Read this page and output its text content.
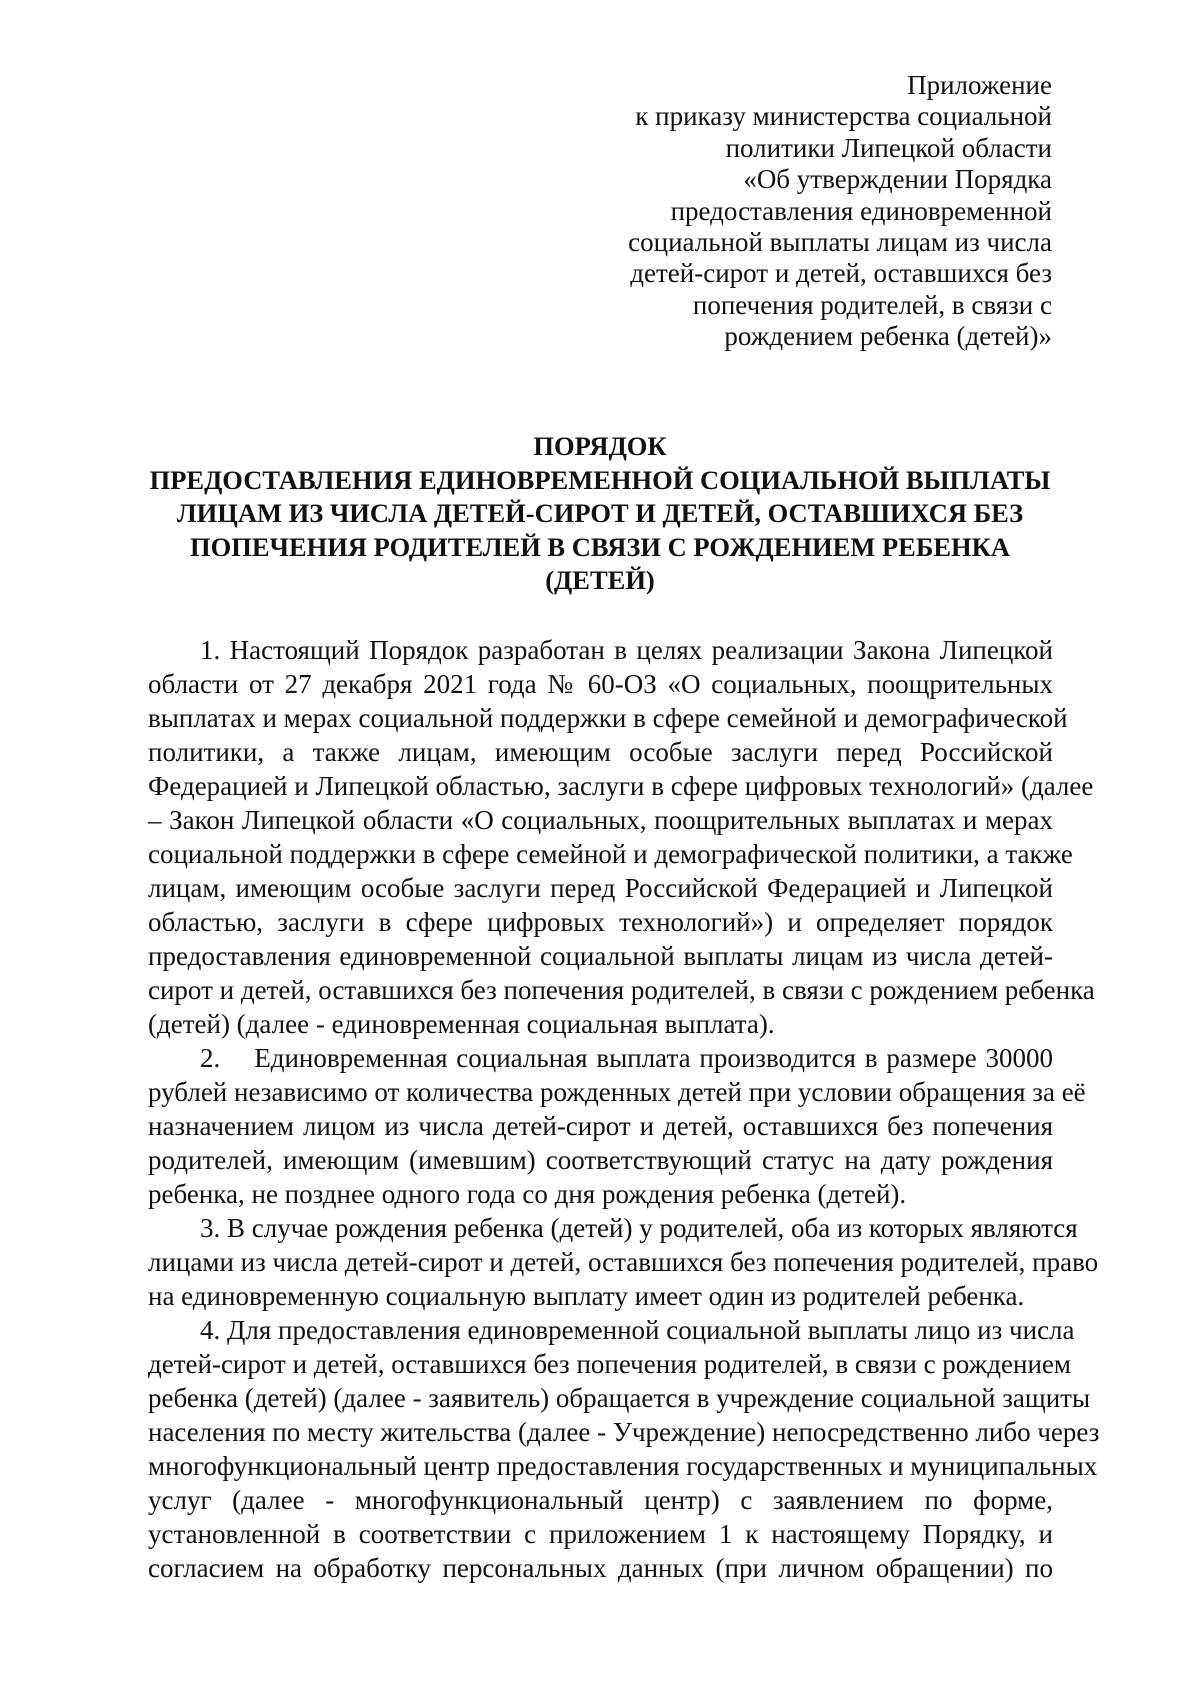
Приложение
к приказу министерства социальной
политики Липецкой области
«Об утверждении Порядка
предоставления единовременной
социальной выплаты лицам из числа
детей-сирот и детей, оставшихся без
попечения родителей, в связи с
рождением ребенка (детей)»
ПОРЯДОК
ПРЕДОСТАВЛЕНИЯ ЕДИНОВРЕМЕННОЙ СОЦИАЛЬНОЙ ВЫПЛАТЫ
ЛИЦАМ ИЗ ЧИСЛА ДЕТЕЙ-СИРОТ И ДЕТЕЙ, ОСТАВШИХСЯ БЕЗ
ПОПЕЧЕНИЯ РОДИТЕЛЕЙ В СВЯЗИ С РОЖДЕНИЕМ РЕБЕНКА
(ДЕТЕЙ)
1. Настоящий Порядок разработан в целях реализации Закона Липецкой
области от 27 декабря 2021 года № 60-ОЗ «О социальных, поощрительных
выплатах и мерах социальной поддержки в сфере семейной и демографической
политики, а также лицам, имеющим особые заслуги перед Российской
Федерацией и Липецкой областью, заслуги в сфере цифровых технологий» (далее
– Закон Липецкой области «О социальных, поощрительных выплатах и мерах
социальной поддержки в сфере семейной и демографической политики, а также
лицам, имеющим особые заслуги перед Российской Федерацией и Липецкой
областью, заслуги в сфере цифровых технологий») и определяет порядок
предоставления единовременной социальной выплаты лицам из числа детей-
сирот и детей, оставшихся без попечения родителей, в связи с рождением ребенка
(детей) (далее - единовременная социальная выплата).
2. Единовременная социальная выплата производится в размере 30000
рублей независимо от количества рожденных детей при условии обращения за её
назначением лицом из числа детей-сирот и детей, оставшихся без попечения
родителей, имеющим (имевшим) соответствующий статус на дату рождения
ребенка, не позднее одного года со дня рождения ребенка (детей).
3. В случае рождения ребенка (детей) у родителей, оба из которых являются
лицами из числа детей-сирот и детей, оставшихся без попечения родителей, право
на единовременную социальную выплату имеет один из родителей ребенка.
4. Для предоставления единовременной социальной выплаты лицо из числа
детей-сирот и детей, оставшихся без попечения родителей, в связи с рождением
ребенка (детей) (далее - заявитель) обращается в учреждение социальной защиты
населения по месту жительства (далее - Учреждение) непосредственно либо через
многофункциональный центр предоставления государственных и муниципальных
услуг (далее - многофункциональный центр) с заявлением по форме,
установленной в соответствии с приложением 1 к настоящему Порядку, и
согласием на обработку персональных данных (при личном обращении) по
